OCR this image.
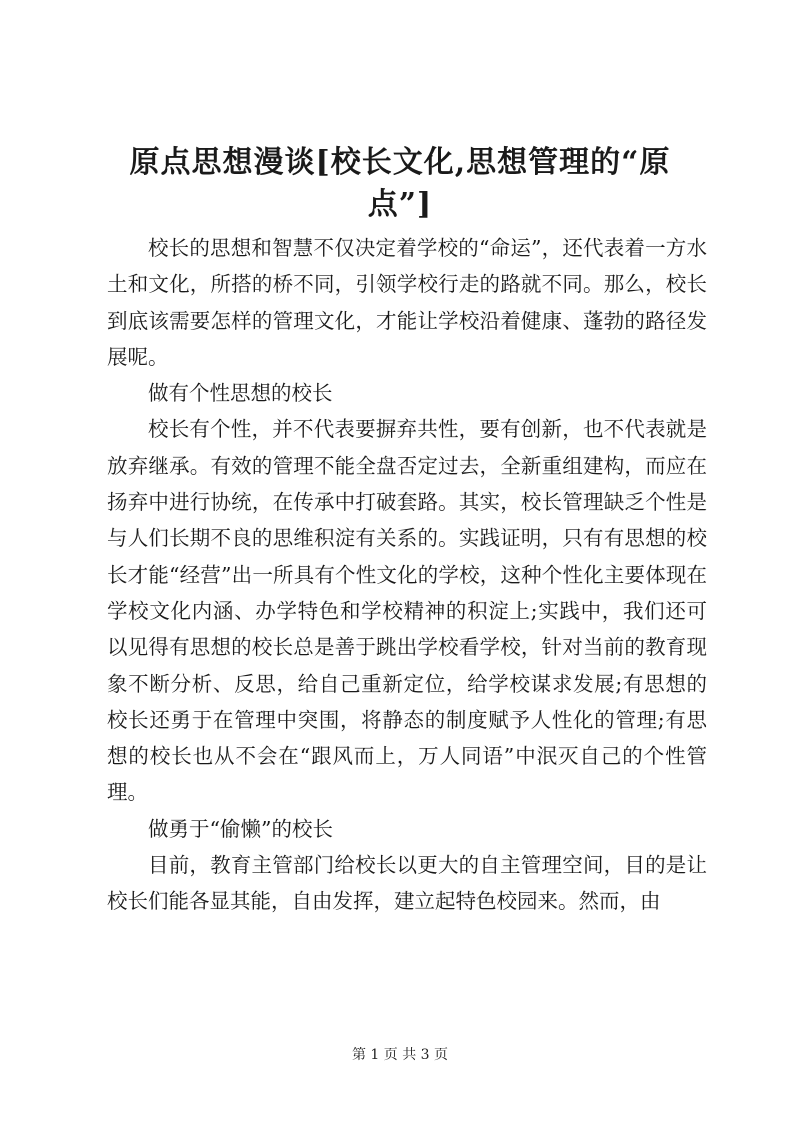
原点思想漫谈[校长文化,思想管理的“原点”]

校长的思想和智慧不仅决定着学校的“命运”，还代表着一方水土和文化，所搭的桥不同，引领学校行走的路就不同。那么，校长到底该需要怎样的管理文化，才能让学校沿着健康、蓬勃的路径发展呢。

做有个性思想的校长

校长有个性，并不代表要摒弃共性，要有创新，也不代表就是放弃继承。有效的管理不能全盘否定过去，全新重组建构，而应在扬弃中进行协统，在传承中打破套路。其实，校长管理缺乏个性是与人们长期不良的思维积淀有关系的。实践证明，只有有思想的校长才能“经营”出一所具有个性文化的学校，这种个性化主要体现在学校文化内涵、办学特色和学校精神的积淀上;实践中，我们还可以见得有思想的校长总是善于跳出学校看学校，针对当前的教育现象不断分析、反思，给自己重新定位，给学校谋求发展;有思想的校长还勇于在管理中突围，将静态的制度赋予人性化的管理;有思想的校长也从不会在“跟风而上，万人同语”中泯灭自己的个性管理。

做勇于“偷懒”的校长

目前，教育主管部门给校长以更大的自主管理空间，目的是让校长们能各显其能，自由发挥，建立起特色校园来。然而，由

第 1 页 共 3 页
